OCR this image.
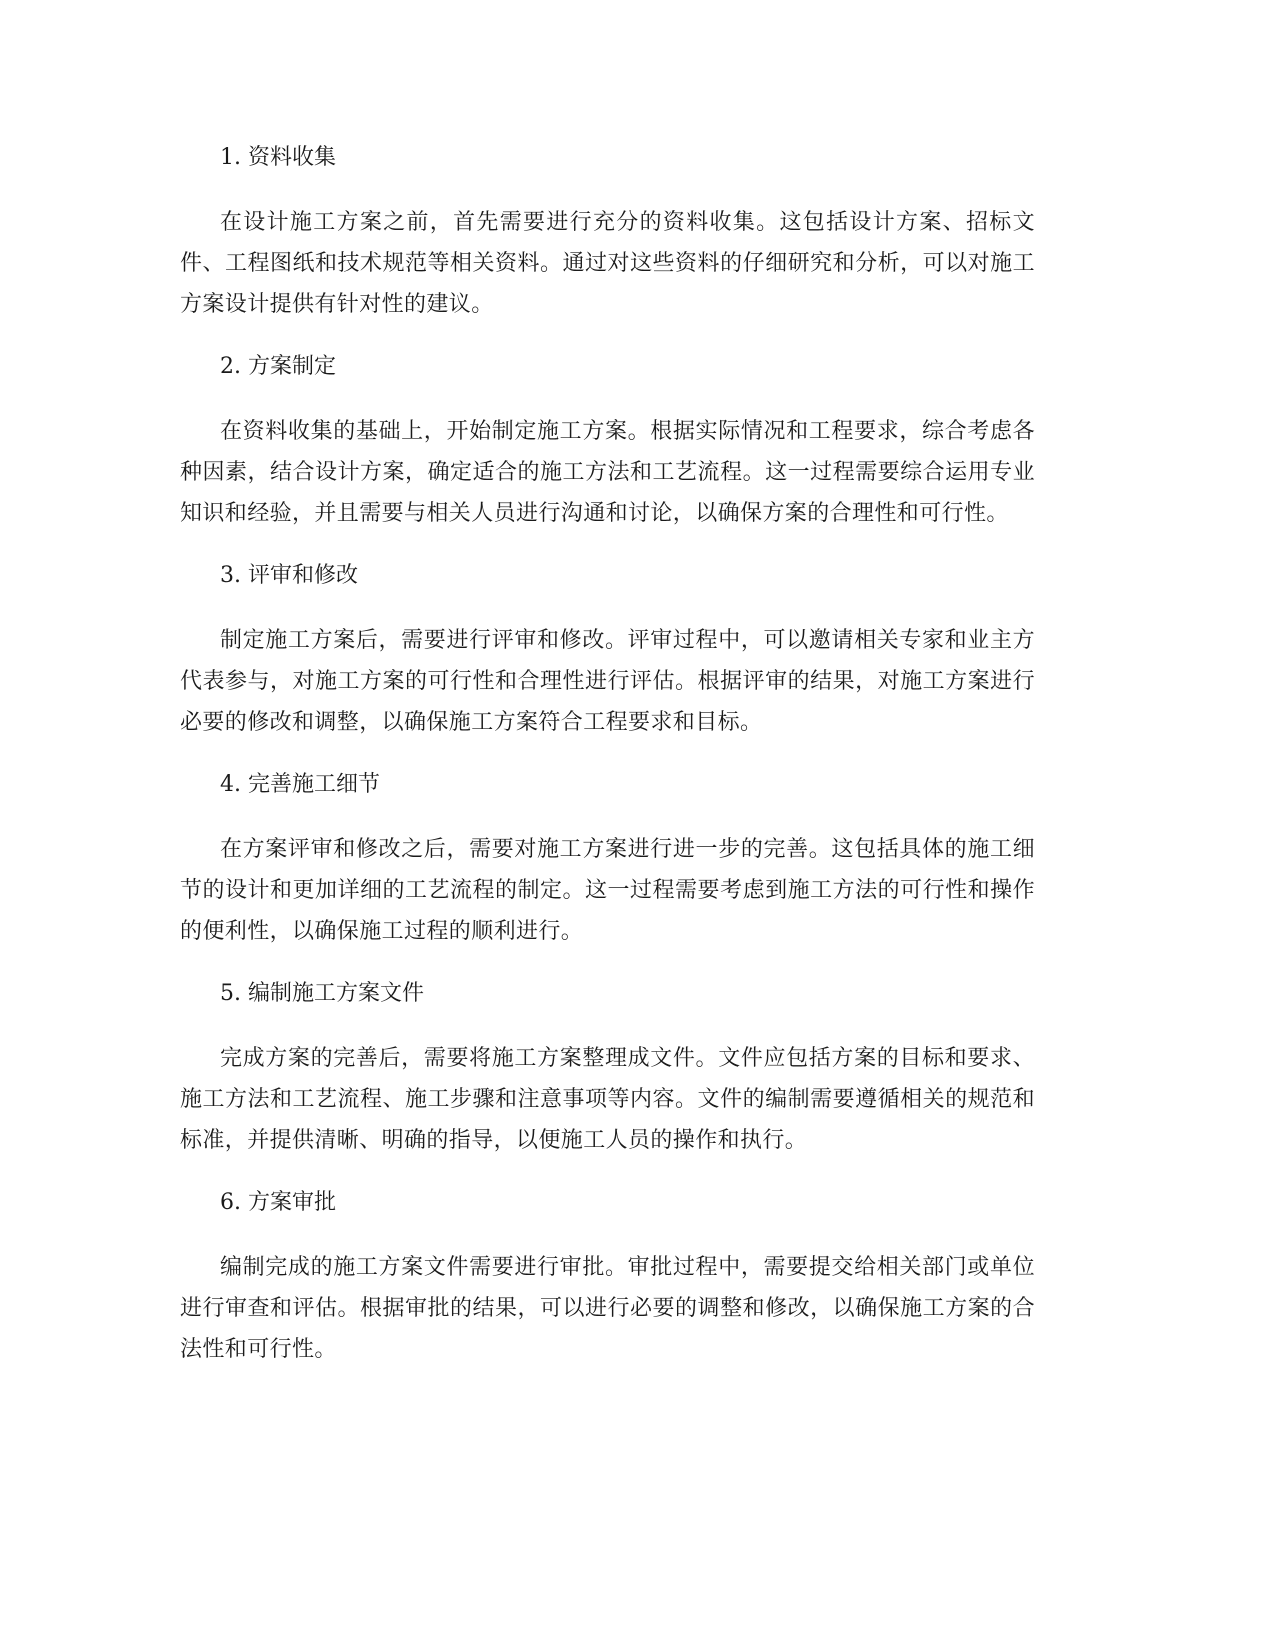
1. 资料收集

在设计施工方案之前，首先需要进行充分的资料收集。这包括设计方案、招标文件、工程图纸和技术规范等相关资料。通过对这些资料的仔细研究和分析，可以对施工方案设计提供有针对性的建议。

2. 方案制定

在资料收集的基础上，开始制定施工方案。根据实际情况和工程要求，综合考虑各种因素，结合设计方案，确定适合的施工方法和工艺流程。这一过程需要综合运用专业知识和经验，并且需要与相关人员进行沟通和讨论，以确保方案的合理性和可行性。

3. 评审和修改

制定施工方案后，需要进行评审和修改。评审过程中，可以邀请相关专家和业主方代表参与，对施工方案的可行性和合理性进行评估。根据评审的结果，对施工方案进行必要的修改和调整，以确保施工方案符合工程要求和目标。

4. 完善施工细节

在方案评审和修改之后，需要对施工方案进行进一步的完善。这包括具体的施工细节的设计和更加详细的工艺流程的制定。这一过程需要考虑到施工方法的可行性和操作的便利性，以确保施工过程的顺利进行。

5. 编制施工方案文件

完成方案的完善后，需要将施工方案整理成文件。文件应包括方案的目标和要求、施工方法和工艺流程、施工步骤和注意事项等内容。文件的编制需要遵循相关的规范和标准，并提供清晰、明确的指导，以便施工人员的操作和执行。

6. 方案审批

编制完成的施工方案文件需要进行审批。审批过程中，需要提交给相关部门或单位进行审查和评估。根据审批的结果，可以进行必要的调整和修改，以确保施工方案的合法性和可行性。
